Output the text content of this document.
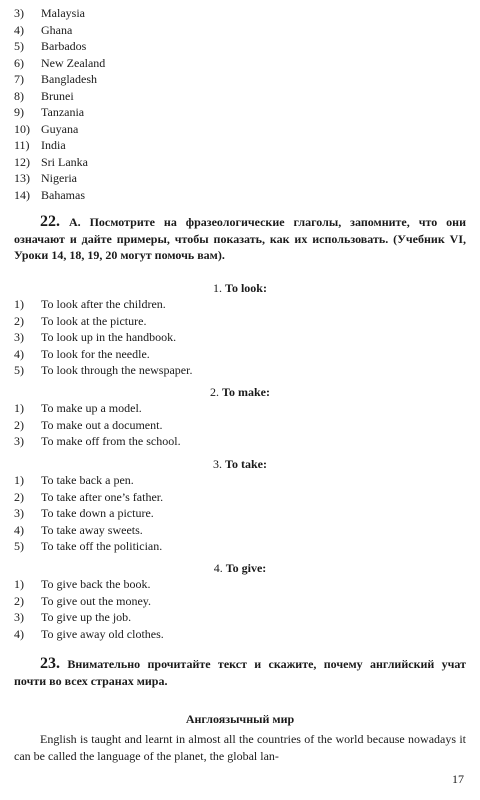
3) Malaysia
4) Ghana
5) Barbados
6) New Zealand
7) Bangladesh
8) Brunei
9) Tanzania
10) Guyana
11) India
12) Sri Lanka
13) Nigeria
14) Bahamas

22. А. Посмотрите на фразеологические глаголы, запомните, что они означают и дайте примеры, чтобы показать, как их использовать. (Учебник VI, Уроки 14, 18, 19, 20 могут помочь вам).

1. To look:

1) To look after the children.
2) To look at the picture.
3) To look up in the handbook.
4) To look for the needle.
5) To look through the newspaper.

2. To make:

1) To make up a model.
2) To make out a document.
3) To make off from the school.

3. To take:

1) To take back a pen.
2) To take after one’s father.
3) To take down a picture.
4) To take away sweets.
5) To take off the politician.

4. To give:

1) To give back the book.
2) To give out the money.
3) To give up the job.
4) To give away old clothes.

23. Внимательно прочитайте текст и скажите, почему английский учат почти во всех странах мира.

Англоязычный мир

English is taught and learnt in almost all the countries of the world because nowadays it can be called the language of the planet, the global lan-

17
